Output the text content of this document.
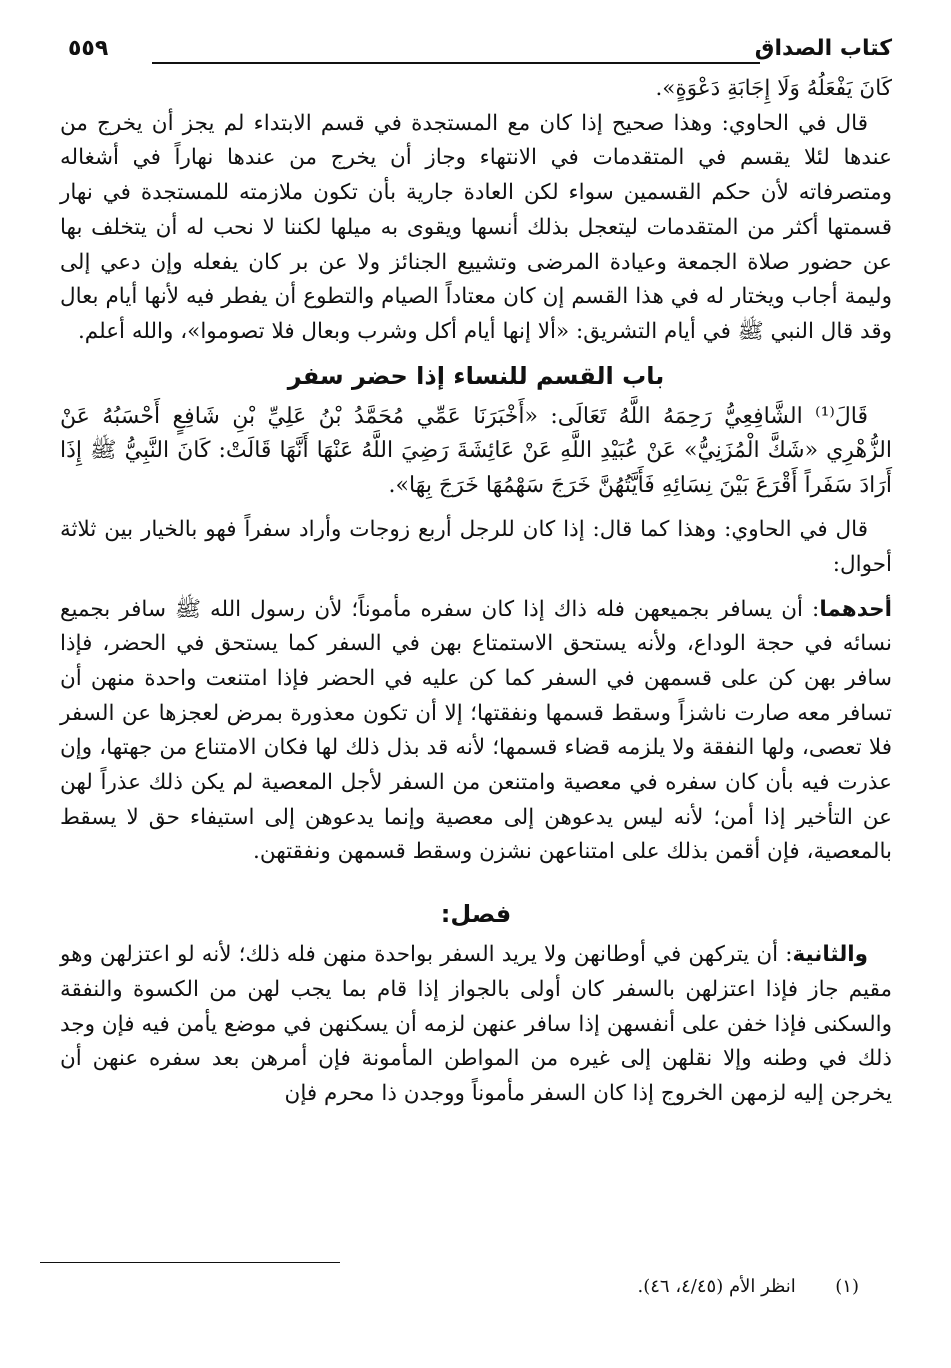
كتاب الصداق
٥٥٩

كَانَ يَفْعَلُهُ وَلَا إِجَابَةِ دَعْوَةٍ».

قال في الحاوي: وهذا صحيح إذا كان مع المستجدة في قسم الابتداء لم يجز أن يخرج من عندها لئلا يقسم في المتقدمات في الانتهاء وجاز أن يخرج من عندها نهاراً في أشغاله ومتصرفاته لأن حكم القسمين سواء لكن العادة جارية بأن تكون ملازمته للمستجدة في نهار قسمتها أكثر من المتقدمات ليتعجل بذلك أنسها ويقوى به ميلها لكننا لا نحب له أن يتخلف بها عن حضور صلاة الجمعة وعيادة المرضى وتشييع الجنائز ولا عن بر كان يفعله وإن دعي إلى وليمة أجاب ويختار له في هذا القسم إن كان معتاداً الصيام والتطوع أن يفطر فيه لأنها أيام بعال وقد قال النبي ﷺ في أيام التشريق: «ألا إنها أيام أكل وشرب وبعال فلا تصوموا»، والله أعلم.

باب القسم للنساء إذا حضر سفر

قَالَ⁽¹⁾ الشَّافِعِيُّ رَحِمَهُ اللَّهُ تَعَالَى: «أَخْبَرَنَا عَمِّي مُحَمَّدُ بْنُ عَلِيِّ بْنِ شَافِعٍ أَحْسَبُهُ عَنْ الزُّهْرِي «شَكَّ الْمُزَنِيُّ» عَنْ عُبَيْدِ اللَّهِ عَنْ عَائِشَةَ رَضِيَ اللَّهُ عَنْهَا أَنَّهَا قَالَتْ: كَانَ النَّبِيُّ ﷺ إِذَا أَرَادَ سَفَراً أَقْرَعَ بَيْنَ نِسَائِهِ فَأَيَّتُهُنَّ خَرَجَ سَهْمُهَا خَرَجَ بِهَا».

قال في الحاوي: وهذا كما قال: إذا كان للرجل أربع زوجات وأراد سفراً فهو بالخيار بين ثلاثة أحوال:

أحدهما: أن يسافر بجميعهن فله ذاك إذا كان سفره مأموناً؛ لأن رسول الله ﷺ سافر بجميع نسائه في حجة الوداع، ولأنه يستحق الاستمتاع بهن في السفر كما يستحق في الحضر، فإذا سافر بهن كن على قسمهن في السفر كما كن عليه في الحضر فإذا امتنعت واحدة منهن أن تسافر معه صارت ناشزاً وسقط قسمها ونفقتها؛ إلا أن تكون معذورة بمرض لعجزها عن السفر فلا تعصى، ولها النفقة ولا يلزمه قضاء قسمها؛ لأنه قد بذل ذلك لها فكان الامتناع من جهتها، وإن عذرت فيه بأن كان سفره في معصية وامتنعن من السفر لأجل المعصية لم يكن ذلك عذراً لهن عن التأخير إذا أمن؛ لأنه ليس يدعوهن إلى معصية وإنما يدعوهن إلى استيفاء حق لا يسقط بالمعصية، فإن أقمن بذلك على امتناعهن نشزن وسقط قسمهن ونفقتهن.

فصل:

والثانية: أن يتركهن في أوطانهن ولا يريد السفر بواحدة منهن فله ذلك؛ لأنه لو اعتزلهن وهو مقيم جاز فإذا اعتزلهن بالسفر كان أولى بالجواز إذا قام بما يجب لهن من الكسوة والنفقة والسكنى فإذا خفن على أنفسهن إذا سافر عنهن لزمه أن يسكنهن في موضع يأمن فيه فإن وجد ذلك في وطنه وإلا نقلهن إلى غيره من المواطن المأمونة فإن أمرهن بعد سفره عنهن أن يخرجن إليه لزمهن الخروج إذا كان السفر مأموناً ووجدن ذا محرم فإن

(١)  انظر الأم (٤/٤٥، ٤٦).
